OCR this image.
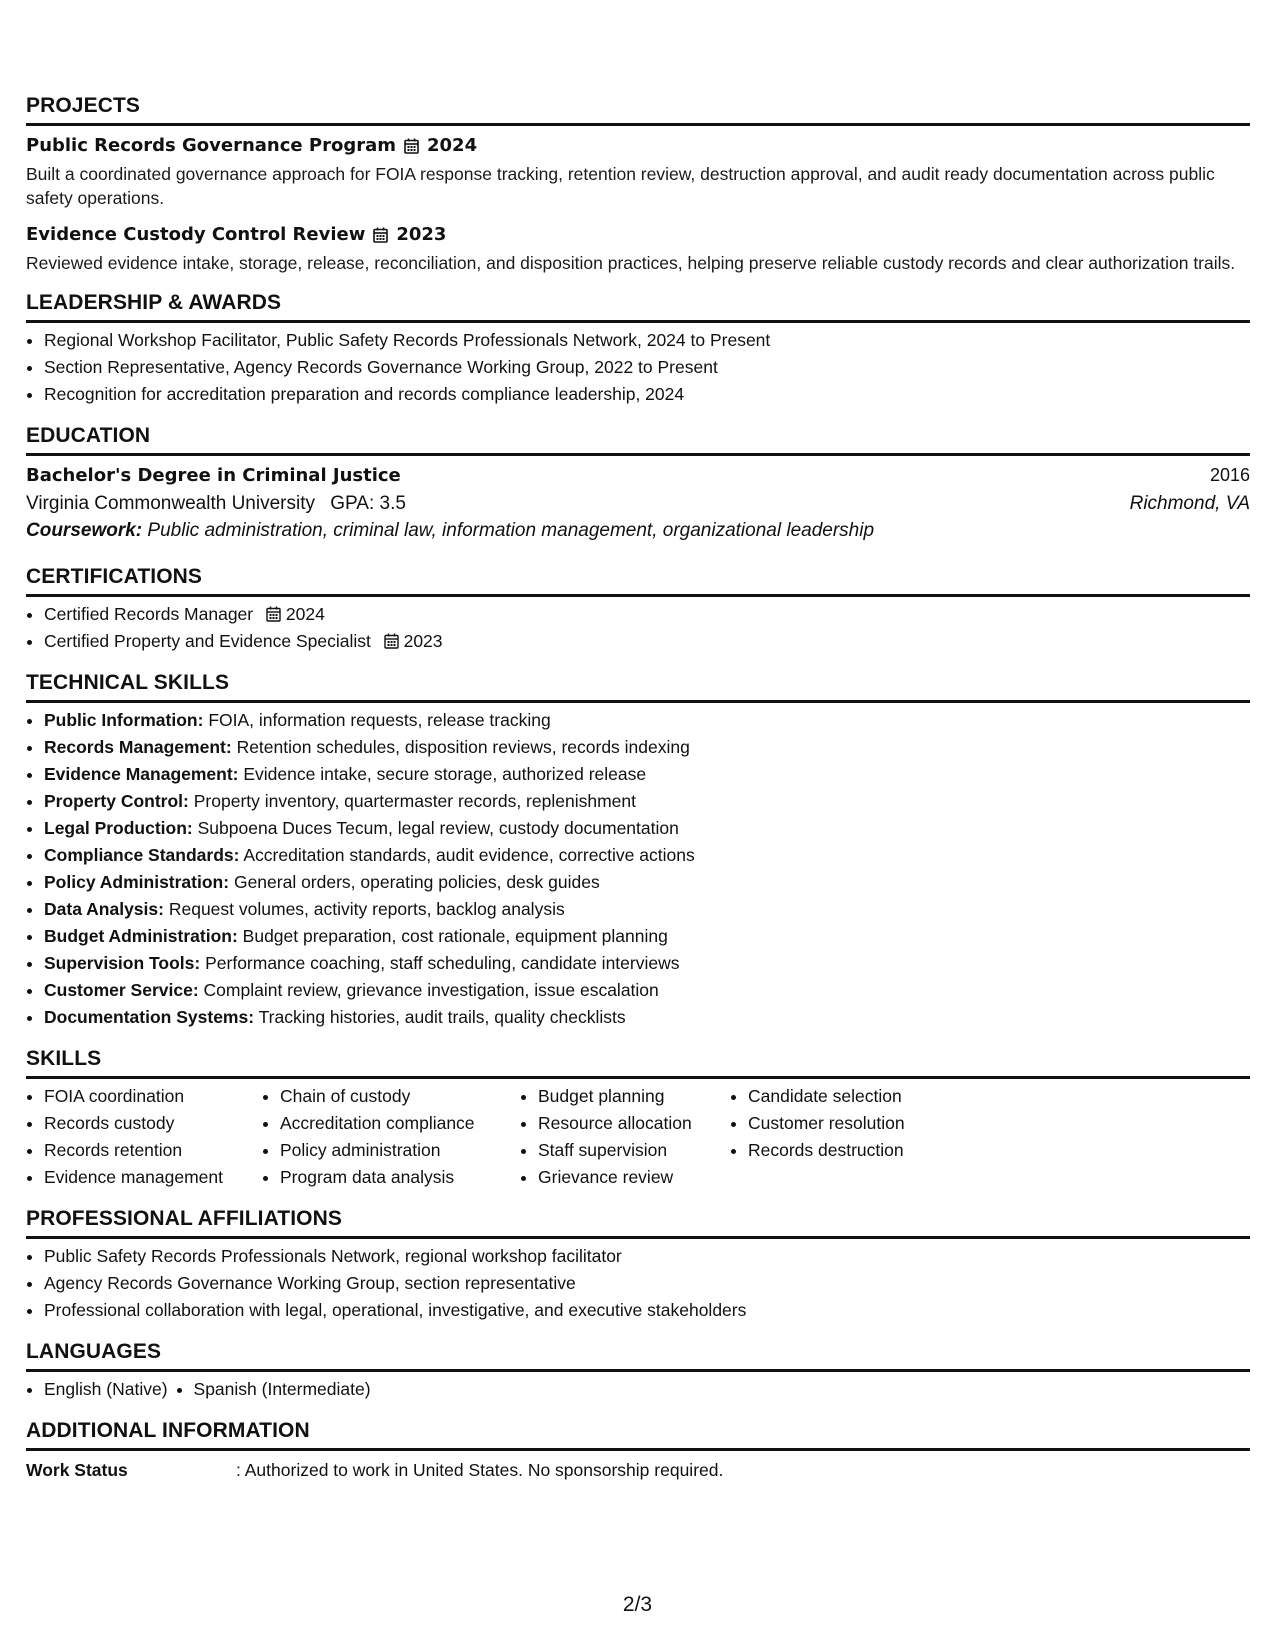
PROJECTS
Public Records Governance Program 2024
Built a coordinated governance approach for FOIA response tracking, retention review, destruction approval, and audit ready documentation across public safety operations.
Evidence Custody Control Review 2023
Reviewed evidence intake, storage, release, reconciliation, and disposition practices, helping preserve reliable custody records and clear authorization trails.
LEADERSHIP & AWARDS
• Regional Workshop Facilitator, Public Safety Records Professionals Network, 2024 to Present
• Section Representative, Agency Records Governance Working Group, 2022 to Present
• Recognition for accreditation preparation and records compliance leadership, 2024
EDUCATION
Bachelor's Degree in Criminal Justice	2016
Virginia Commonwealth University GPA: 3.5	Richmond, VA
Coursework: Public administration, criminal law, information management, organizational leadership
CERTIFICATIONS
• Certified Records Manager 2024
• Certified Property and Evidence Specialist 2023
TECHNICAL SKILLS
• Public Information: FOIA, information requests, release tracking
• Records Management: Retention schedules, disposition reviews, records indexing
• Evidence Management: Evidence intake, secure storage, authorized release
• Property Control: Property inventory, quartermaster records, replenishment
• Legal Production: Subpoena Duces Tecum, legal review, custody documentation
• Compliance Standards: Accreditation standards, audit evidence, corrective actions
• Policy Administration: General orders, operating policies, desk guides
• Data Analysis: Request volumes, activity reports, backlog analysis
• Budget Administration: Budget preparation, cost rationale, equipment planning
• Supervision Tools: Performance coaching, staff scheduling, candidate interviews
• Customer Service: Complaint review, grievance investigation, issue escalation
• Documentation Systems: Tracking histories, audit trails, quality checklists
SKILLS
• FOIA coordination
• Records custody
• Records retention
• Evidence management
• Chain of custody
• Accreditation compliance
• Policy administration
• Program data analysis
• Budget planning
• Resource allocation
• Staff supervision
• Grievance review
• Candidate selection
• Customer resolution
• Records destruction
PROFESSIONAL AFFILIATIONS
• Public Safety Records Professionals Network, regional workshop facilitator
• Agency Records Governance Working Group, section representative
• Professional collaboration with legal, operational, investigative, and executive stakeholders
LANGUAGES
• English (Native)
• Spanish (Intermediate)
ADDITIONAL INFORMATION
Work Status	: Authorized to work in United States. No sponsorship required.
2/3
